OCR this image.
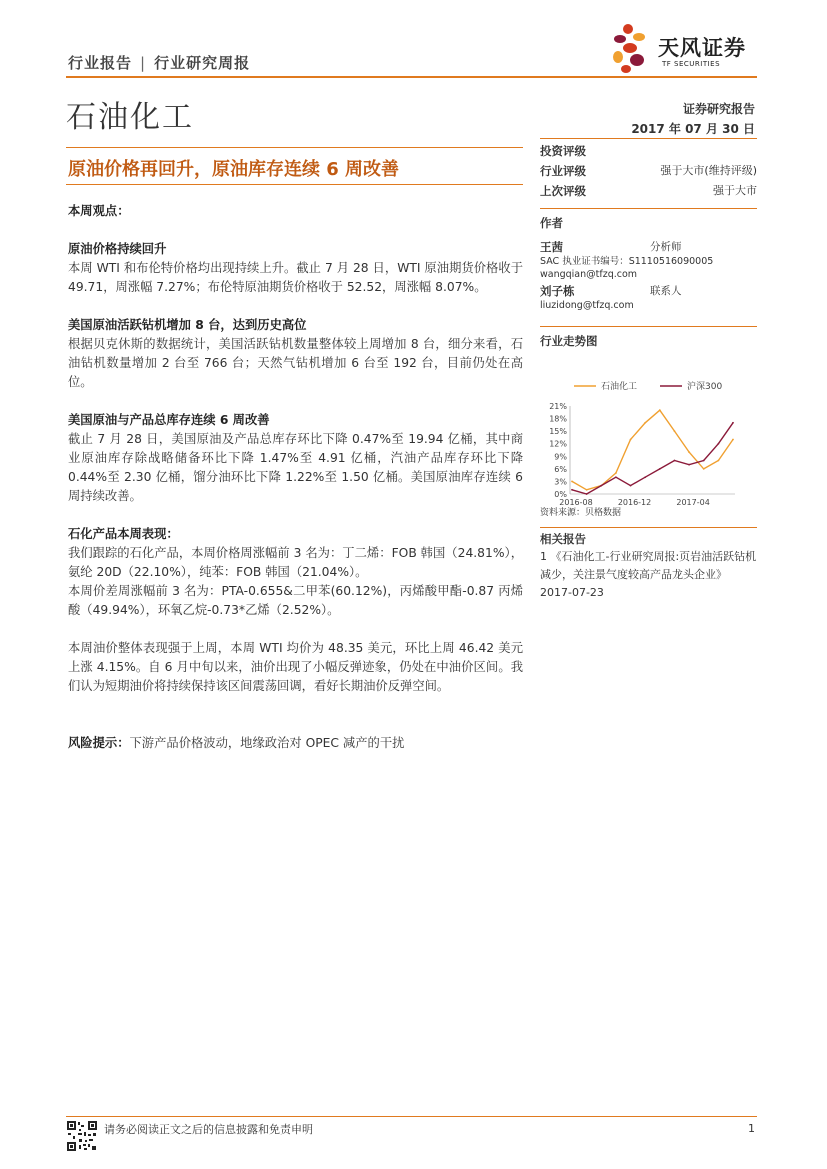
行业报告 | 行业研究周报
天风证券
TF SECURITIES
石油化工	证券研究报告
2017 年 07 月 30 日
原油价格再回升，原油库存连续 6 周改善

本周观点：

原油价格持续回升

本周 WTI 和布伦特价格均出现持续上升。截止 7 月 28 日，WTI 原油期货价格收于 49.71，周涨幅 7.27%；布伦特原油期货价格收于 52.52，周涨幅 8.07%。

美国原油活跃钻机增加 8 台，达到历史高位

根据贝克休斯的数据统计，美国活跃钻机数量整体较上周增加 8 台，细分来看，石油钻机数量增加 2 台至 766 台；天然气钻机增加 6 台至 192 台，目前仍处在高位。

美国原油与产品总库存连续 6 周改善

截止 7 月 28 日，美国原油及产品总库存环比下降 0.47%至 19.94 亿桶，其中商业原油库存除战略储备环比下降 1.47%至 4.91 亿桶，汽油产品库存环比下降 0.44%至 2.30 亿桶，馏分油环比下降 1.22%至 1.50 亿桶。美国原油库存连续 6 周持续改善。

石化产品本周表现：

我们跟踪的石化产品，本周价格周涨幅前 3 名为：丁二烯：FOB 韩国（24.81%），氨纶 20D（22.10%），纯苯：FOB 韩国（21.04%）。

本周价差周涨幅前 3 名为：PTA-0.655&二甲苯(60.12%)，丙烯酸甲酯-0.87 丙烯酸（49.94%），环氧乙烷-0.73*乙烯（2.52%）。

本周油价整体表现强于上周，本周 WTI 均价为 48.35 美元，环比上周 46.42 美元上涨 4.15%。自 6 月中旬以来，油价出现了小幅反弹迹象，仍处在中油价区间。我们认为短期油价将持续保持该区间震荡回调，看好长期油价反弹空间。

风险提示：下游产品价格波动，地缘政治对 OPEC 减产的干扰

投资评级
行业评级	强于大市(维持评级)
上次评级	强于大市
作者
王茜	分析师
SAC 执业证书编号：S1110516090005
wangqian@tfzq.com
刘子栋	联系人
liuzidong@tfzq.com
行业走势图
石油化工	沪深300
0%
3%
6%
9%
12%
15%
18%
21%
2016-08	2016-12	2017-04
资料来源：贝格数据
相关报告
1 《石油化工-行业研究周报:页岩油活跃钻机减少，关注景气度较高产品龙头企业》 2017-07-23
请务必阅读正文之后的信息披露和免责申明	1
